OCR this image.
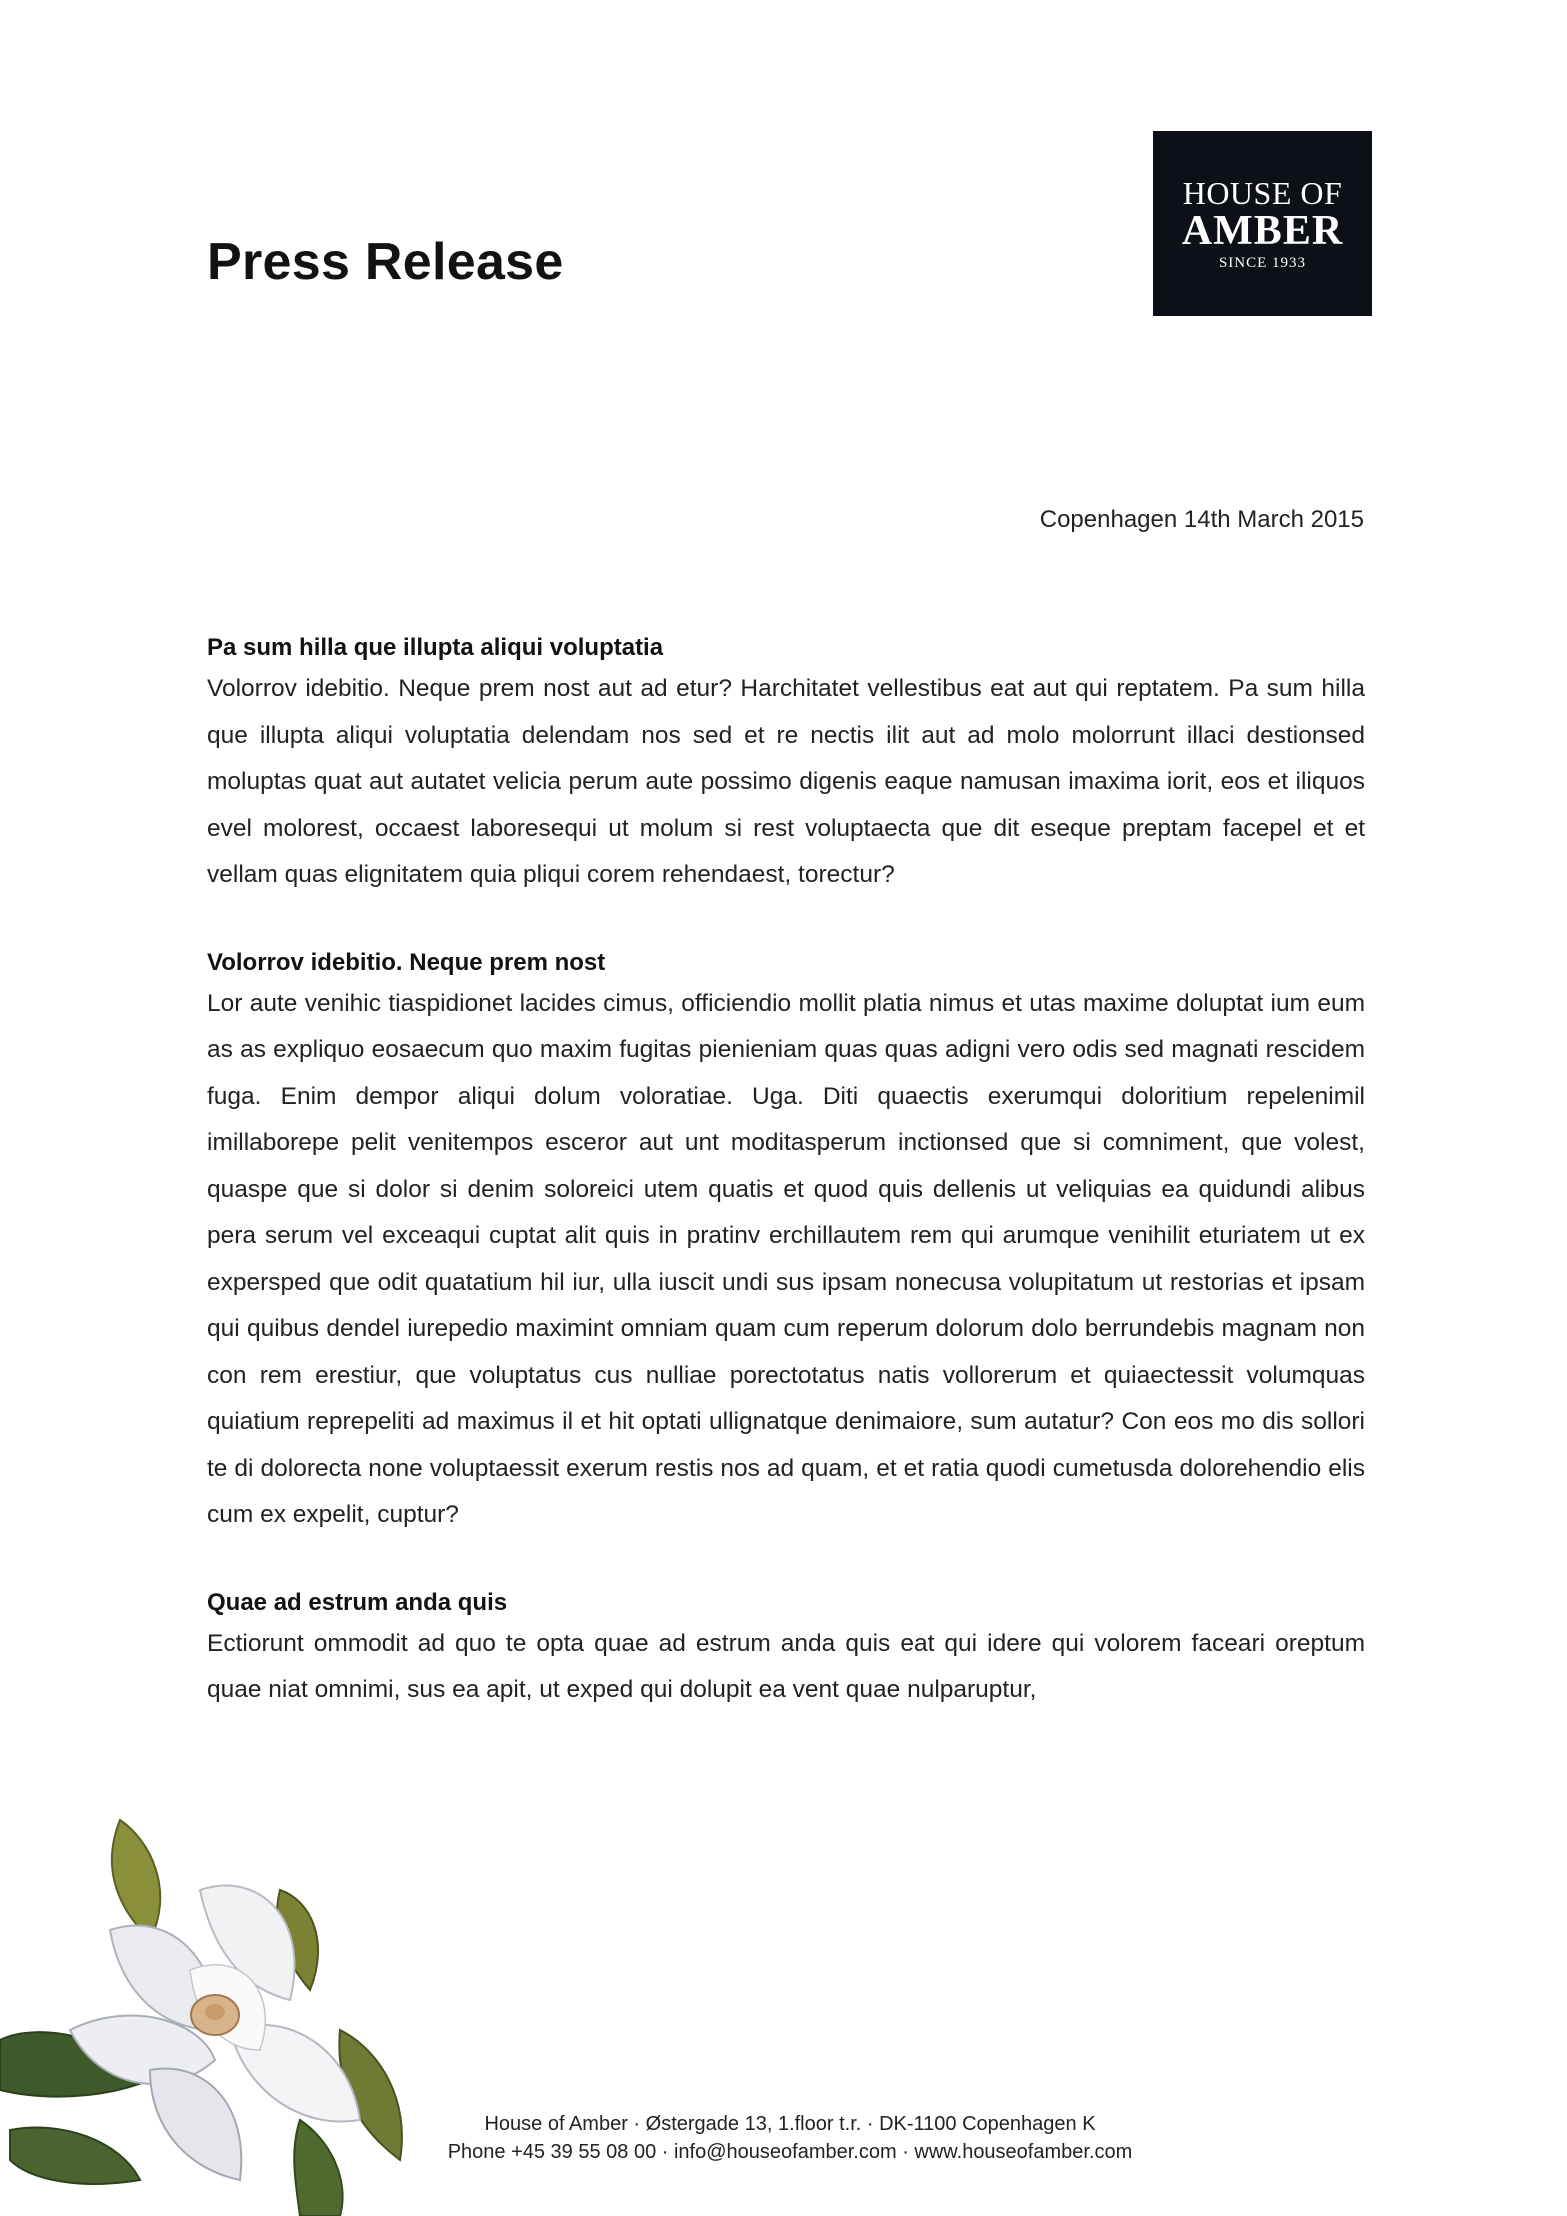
Press Release
HOUSE OF
AMBER
SINCE 1933
Copenhagen 14th March 2015
Pa sum hilla que illupta aliqui voluptatia

Volorrov idebitio. Neque prem nost aut ad etur? Harchitatet vellestibus eat aut qui reptatem. Pa sum hilla que illupta aliqui voluptatia delendam nos sed et re nectis ilit aut ad molo molorrunt illaci destionsed moluptas quat aut autatet velicia perum aute possimo digenis eaque namusan imaxima iorit, eos et iliquos evel molorest, occaest laboresequi ut molum si rest voluptaecta que dit eseque preptam facepel et et vellam quas elignitatem quia pliqui corem rehendaest, torectur?

Volorrov idebitio. Neque prem nost

Lor aute venihic tiaspidionet lacides cimus, officiendio mollit platia nimus et utas maxime doluptat ium eum as as expliquo eosaecum quo maxim fugitas pienieniam quas quas adigni vero odis sed magnati rescidem fuga. Enim dempor aliqui dolum voloratiae. Uga. Diti quaectis exerumqui doloritium repelenimil imillaborepe pelit venitempos esceror aut unt moditasperum inctionsed que si comniment, que volest, quaspe que si dolor si denim soloreici utem quatis et quod quis dellenis ut veliquias ea quidundi alibus pera serum vel exceaqui cuptat alit quis in pratinv erchillautem rem qui arumque venihilit eturiatem ut ex expersped que odit quatatium hil iur, ulla iuscit undi sus ipsam nonecusa volupitatum ut restorias et ipsam qui quibus dendel iurepedio maximint omniam quam cum reperum dolorum dolo berrundebis magnam non con rem erestiur, que voluptatus cus nulliae porectotatus natis vollorerum et quiaectessit volumquas quiatium reprepeliti ad maximus il et hit optati ullignatque denimaiore, sum autatur? Con eos mo dis sollori te di dolorecta none voluptaessit exerum restis nos ad quam, et et ratia quodi cumetusda dolorehendio elis cum ex expelit, cuptur?

Quae ad estrum anda quis

Ectiorunt ommodit ad quo te opta quae ad estrum anda quis eat qui idere qui volorem faceari oreptum quae niat omnimi, sus ea apit, ut exped qui dolupit ea vent quae nulparuptur,

House of Amber · Østergade 13, 1.floor t.r. · DK-1100 Copenhagen K
Phone +45 39 55 08 00 · info@houseofamber.com · www.houseofamber.com
